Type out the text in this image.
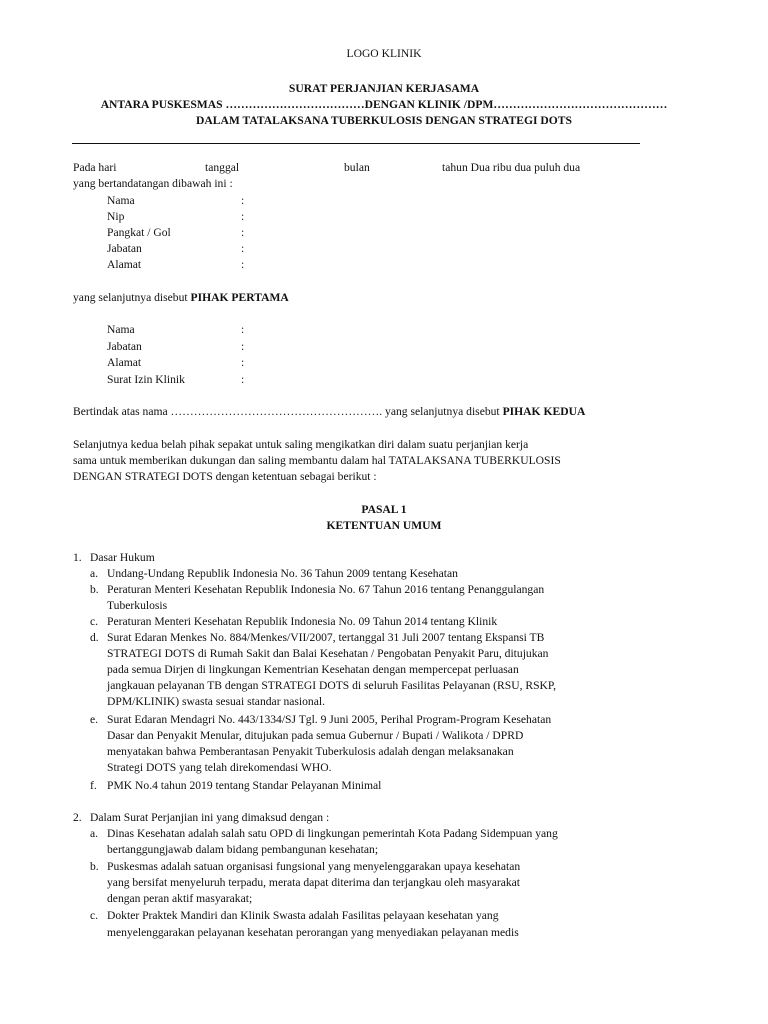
LOGO KLINIK
SURAT PERJANJIAN KERJASAMA
ANTARA PUSKESMAS ………………………………DENGAN KLINIK /DPM………………………………………
DALAM TATALAKSANA TUBERKULOSIS DENGAN STRATEGI DOTS
Pada hari	tanggal	bulan	tahun Dua ribu dua puluh dua
yang bertandatangan dibawah ini :
Nama	:
Nip	:
Pangkat / Gol	:
Jabatan	:
Alamat	:
yang selanjutnya disebut PIHAK PERTAMA
Nama	:
Jabatan	:
Alamat	:
Surat Izin Klinik	:
Bertindak atas nama ………………………………………………. yang selanjutnya disebut PIHAK KEDUA
Selanjutnya kedua belah pihak sepakat untuk saling mengikatkan diri dalam suatu perjanjian kerja
sama untuk memberikan dukungan dan saling membantu dalam hal TATALAKSANA TUBERKULOSIS
DENGAN STRATEGI DOTS dengan ketentuan sebagai berikut :
PASAL 1
KETENTUAN UMUM
1. Dasar Hukum
a. Undang-Undang Republik Indonesia No. 36 Tahun 2009 tentang Kesehatan
b. Peraturan Menteri Kesehatan Republik Indonesia No. 67 Tahun 2016 tentang Penanggulangan
Tuberkulosis
c. Peraturan Menteri Kesehatan Republik Indonesia No. 09 Tahun 2014 tentang Klinik
d. Surat Edaran Menkes No. 884/Menkes/VII/2007, tertanggal 31 Juli 2007 tentang Ekspansi TB
STRATEGI DOTS di Rumah Sakit dan Balai Kesehatan / Pengobatan Penyakit Paru, ditujukan
pada semua Dirjen di lingkungan Kementrian Kesehatan dengan mempercepat perluasan
jangkauan pelayanan TB dengan STRATEGI DOTS di seluruh Fasilitas Pelayanan (RSU, RSKP,
DPM/KLINIK) swasta sesuai standar nasional.
e. Surat Edaran Mendagri No. 443/1334/SJ Tgl. 9 Juni 2005, Perihal Program-Program Kesehatan
Dasar dan Penyakit Menular, ditujukan pada semua Gubernur / Bupati / Walikota / DPRD
menyatakan bahwa Pemberantasan Penyakit Tuberkulosis adalah dengan melaksanakan
Strategi DOTS yang telah direkomendasi WHO.
f. PMK No.4 tahun 2019 tentang Standar Pelayanan Minimal
2. Dalam Surat Perjanjian ini yang dimaksud dengan :
a. Dinas Kesehatan adalah salah satu OPD di lingkungan pemerintah Kota Padang Sidempuan yang
bertanggungjawab dalam bidang pembangunan kesehatan;
b. Puskesmas adalah satuan organisasi fungsional yang menyelenggarakan upaya kesehatan
yang bersifat menyeluruh terpadu, merata dapat diterima dan terjangkau oleh masyarakat
dengan peran aktif masyarakat;
c. Dokter Praktek Mandiri dan Klinik Swasta adalah Fasilitas pelayaan kesehatan yang
menyelenggarakan pelayanan kesehatan perorangan yang menyediakan pelayanan medis
